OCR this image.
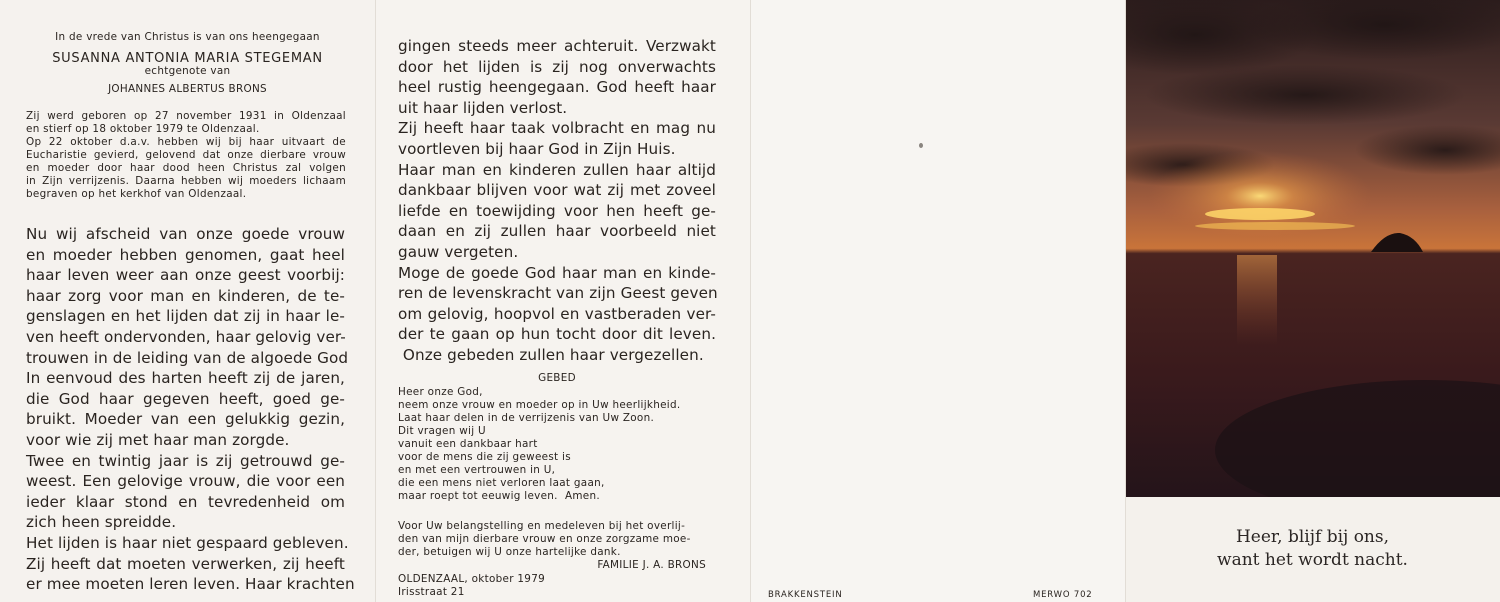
In de vrede van Christus is van ons heengegaan
SUSANNA ANTONIA MARIA STEGEMAN
echtgenote van
JOHANNES ALBERTUS BRONS
Zij werd geboren op 27 november 1931 in Oldenzaal
en stierf op 18 oktober 1979 te Oldenzaal.
Op 22 oktober d.a.v. hebben wij bij haar uitvaart de
Eucharistie gevierd, gelovend dat onze dierbare vrouw
en moeder door haar dood heen Christus zal volgen
in Zijn verrijzenis. Daarna hebben wij moeders lichaam
begraven op het kerkhof van Oldenzaal.
Nu wij afscheid van onze goede vrouw
en moeder hebben genomen, gaat heel
haar leven weer aan onze geest voorbij:
haar zorg voor man en kinderen, de te-
genslagen en het lijden dat zij in haar le-
ven heeft ondervonden, haar gelovig ver-
trouwen in de leiding van de algoede God
In eenvoud des harten heeft zij de jaren,
die God haar gegeven heeft, goed ge-
bruikt. Moeder van een gelukkig gezin,
voor wie zij met haar man zorgde.
Twee en twintig jaar is zij getrouwd ge-
weest. Een gelovige vrouw, die voor een
ieder klaar stond en tevredenheid om
zich heen spreidde.
Het lijden is haar niet gespaard gebleven.
Zij heeft dat moeten verwerken, zij heeft
er mee moeten leren leven. Haar krachten
gingen steeds meer achteruit. Verzwakt
door het lijden is zij nog onverwachts
heel rustig heengegaan. God heeft haar
uit haar lijden verlost.
Zij heeft haar taak volbracht en mag nu
voortleven bij haar God in Zijn Huis.
Haar man en kinderen zullen haar altijd
dankbaar blijven voor wat zij met zoveel
liefde en toewijding voor hen heeft ge-
daan en zij zullen haar voorbeeld niet
gauw vergeten.
Moge de goede God haar man en kinde-
ren de levenskracht van zijn Geest geven
om gelovig, hoopvol en vastberaden ver-
der te gaan op hun tocht door dit leven.
Onze gebeden zullen haar vergezellen.
GEBED
Heer onze God,
neem onze vrouw en moeder op in Uw heerlijkheid.
Laat haar delen in de verrijzenis van Uw Zoon.
Dit vragen wij U
vanuit een dankbaar hart
voor de mens die zij geweest is
en met een vertrouwen in U,
die een mens niet verloren laat gaan,
maar roept tot eeuwig leven.  Amen.
Voor Uw belangstelling en medeleven bij het overlij-
den van mijn dierbare vrouw en onze zorgzame moe-
der, betuigen wij U onze hartelijke dank.
FAMILIE J. A. BRONS
OLDENZAAL, oktober 1979
Irisstraat 21	BRAKKENSTEIN	MERWO 702
Heer, blijf bij ons,
want het wordt nacht.
